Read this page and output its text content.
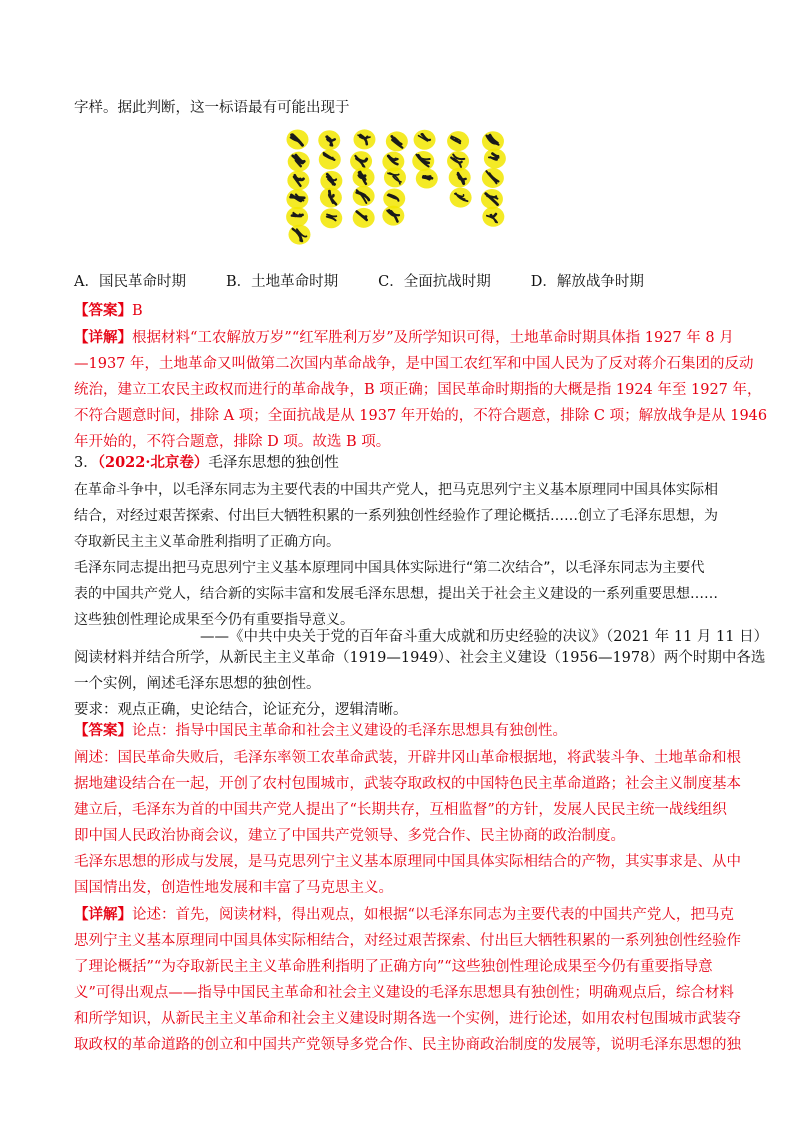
字样。据此判断，这一标语最有可能出现于
A．国民革命时期	B．土地革命时期	C．全面抗战时期	D．解放战争时期
【答案】B
【详解】根据材料“工农解放万岁”“红军胜利万岁”及所学知识可得，土地革命时期具体指 1927 年 8 月
—1937 年，土地革命又叫做第二次国内革命战争，是中国工农红军和中国人民为了反对蒋介石集团的反动
统治，建立工农民主政权而进行的革命战争，B 项正确；国民革命时期指的大概是指 1924 年至 1927 年，
不符合题意时间，排除 A 项；全面抗战是从 1937 年开始的，不符合题意，排除 C 项；解放战争是从 1946
年开始的，不符合题意，排除 D 项。故选 B 项。
3．（2022·北京卷）毛泽东思想的独创性
在革命斗争中，以毛泽东同志为主要代表的中国共产党人，把马克思列宁主义基本原理同中国具体实际相
结合，对经过艰苦探索、付出巨大牺牲积累的一系列独创性经验作了理论概括……创立了毛泽东思想，为
夺取新民主主义革命胜利指明了正确方向。
毛泽东同志提出把马克思列宁主义基本原理同中国具体实际进行“第二次结合”，以毛泽东同志为主要代
表的中国共产党人，结合新的实际丰富和发展毛泽东思想，提出关于社会主义建设的一系列重要思想……
这些独创性理论成果至今仍有重要指导意义。
——《中共中央关于党的百年奋斗重大成就和历史经验的决议》（2021 年 11 月 11 日）
阅读材料并结合所学，从新民主主义革命（1919—1949）、社会主义建设（1956—1978）两个时期中各选
一个实例，阐述毛泽东思想的独创性。
要求：观点正确，史论结合，论证充分，逻辑清晰。
【答案】论点：指导中国民主革命和社会主义建设的毛泽东思想具有独创性。
阐述：国民革命失败后，毛泽东率领工农革命武装，开辟井冈山革命根据地，将武装斗争、土地革命和根
据地建设结合在一起，开创了农村包围城市，武装夺取政权的中国特色民主革命道路；社会主义制度基本
建立后，毛泽东为首的中国共产党人提出了“长期共存，互相监督”的方针，发展人民民主统一战线组织
即中国人民政治协商会议，建立了中国共产党领导、多党合作、民主协商的政治制度。
毛泽东思想的形成与发展，是马克思列宁主义基本原理同中国具体实际相结合的产物，其实事求是、从中
国国情出发，创造性地发展和丰富了马克思主义。
【详解】论述：首先，阅读材料，得出观点，如根据“以毛泽东同志为主要代表的中国共产党人，把马克
思列宁主义基本原理同中国具体实际相结合，对经过艰苦探索、付出巨大牺牲积累的一系列独创性经验作
了理论概括”“为夺取新民主主义革命胜利指明了正确方向”“这些独创性理论成果至今仍有重要指导意
义”可得出观点——指导中国民主革命和社会主义建设的毛泽东思想具有独创性；明确观点后，综合材料
和所学知识，从新民主主义革命和社会主义建设时期各选一个实例，进行论述，如用农村包围城市武装夺
取政权的革命道路的创立和中国共产党领导多党合作、民主协商政治制度的发展等，说明毛泽东思想的独
